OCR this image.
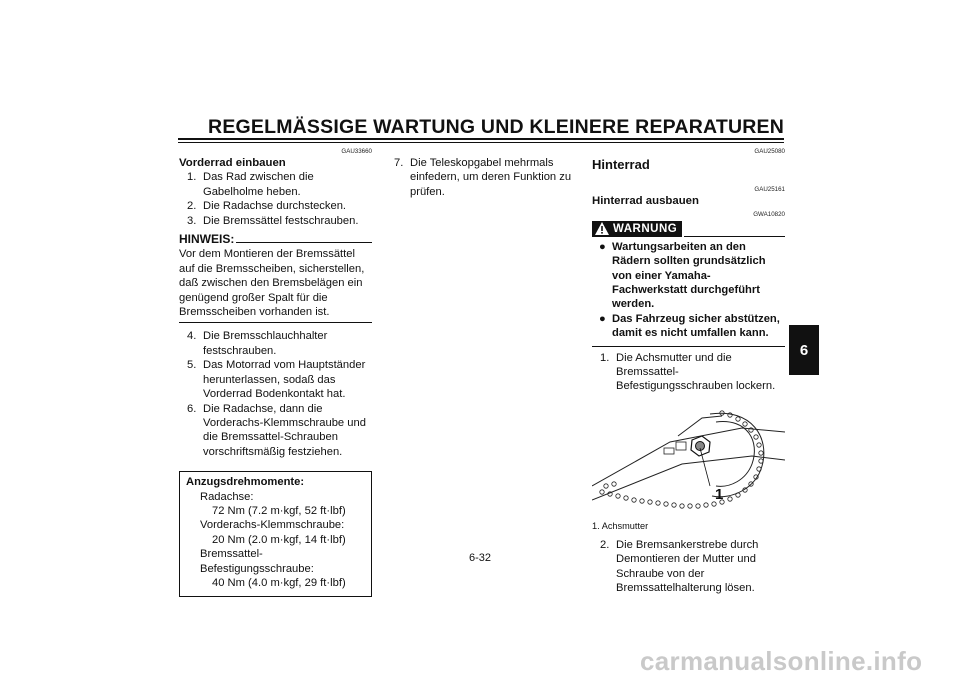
REGELMÄSSIGE WARTUNG UND KLEINERE REPARATUREN
GAU33660
Vorderrad einbauen
1. Das Rad zwischen die Gabelholme heben.
2. Die Radachse durchstecken.
3. Die Bremssättel festschrauben.
HINWEIS:
Vor dem Montieren der Bremssättel auf die Bremsscheiben, sicherstellen, daß zwischen den Bremsbelägen ein genügend großer Spalt für die Bremsscheiben vorhanden ist.
4. Die Bremsschlauchhalter festschrauben.
5. Das Motorrad vom Hauptständer herunterlassen, sodaß das Vorderrad Bodenkontakt hat.
6. Die Radachse, dann die Vorderachs-Klemmschraube und die Bremssattel-Schrauben vorschriftsmäßig festziehen.
Anzugsdrehmomente:
Radachse:
72 Nm (7.2 m·kgf, 52 ft·lbf)
Vorderachs-Klemmschraube:
20 Nm (2.0 m·kgf, 14 ft·lbf)
Bremssattel-Befestigungsschraube:
40 Nm (4.0 m·kgf, 29 ft·lbf)
7. Die Teleskopgabel mehrmals einfedern, um deren Funktion zu prüfen.
GAU25080
Hinterrad
GAU25161
Hinterrad ausbauen
GWA10820
WARNUNG
● Wartungsarbeiten an den Rädern sollten grundsätzlich von einer Yamaha-Fachwerkstatt durchgeführt werden.
● Das Fahrzeug sicher abstützen, damit es nicht umfallen kann.
1. Die Achsmutter und die Bremssattel-Befestigungsschrauben lockern.
1
1. Achsmutter
2. Die Bremsankerstrebe durch Demontieren der Mutter und Schraube von der Bremssattelhalterung lösen.
6
6-32
carmanualsonline.info
